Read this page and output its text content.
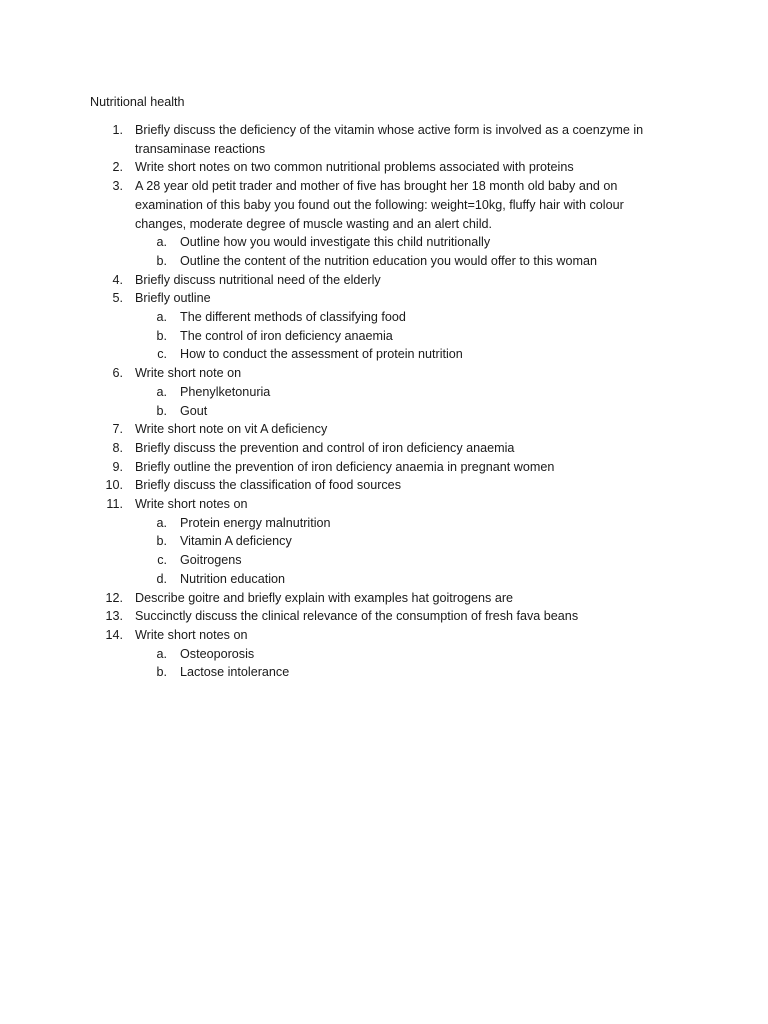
Nutritional health
1. Briefly discuss the deficiency of the vitamin whose active form is involved as a coenzyme in transaminase reactions
2. Write short notes on two common nutritional problems associated with proteins
3. A 28 year old petit trader and mother of five has brought her 18 month old baby and on examination of this baby you found out the following: weight=10kg, fluffy hair with colour changes, moderate degree of muscle wasting and an alert child.
a. Outline how you would investigate this child nutritionally
b. Outline the content of the nutrition education you would offer to this woman
4. Briefly discuss nutritional need of the elderly
5. Briefly outline
a. The different methods of classifying food
b. The control of iron deficiency anaemia
c. How to conduct the assessment of protein nutrition
6. Write short note on
a. Phenylketonuria
b. Gout
7. Write short note on vit A deficiency
8. Briefly discuss the prevention and control of iron deficiency anaemia
9. Briefly outline the prevention of iron deficiency anaemia in pregnant women
10. Briefly discuss the classification of food sources
11. Write short notes on
a. Protein energy malnutrition
b. Vitamin A deficiency
c. Goitrogens
d. Nutrition education
12. Describe goitre and briefly explain with examples hat goitrogens are
13. Succinctly discuss the clinical relevance of the consumption of fresh fava beans
14. Write short notes on
a. Osteoporosis
b. Lactose intolerance
